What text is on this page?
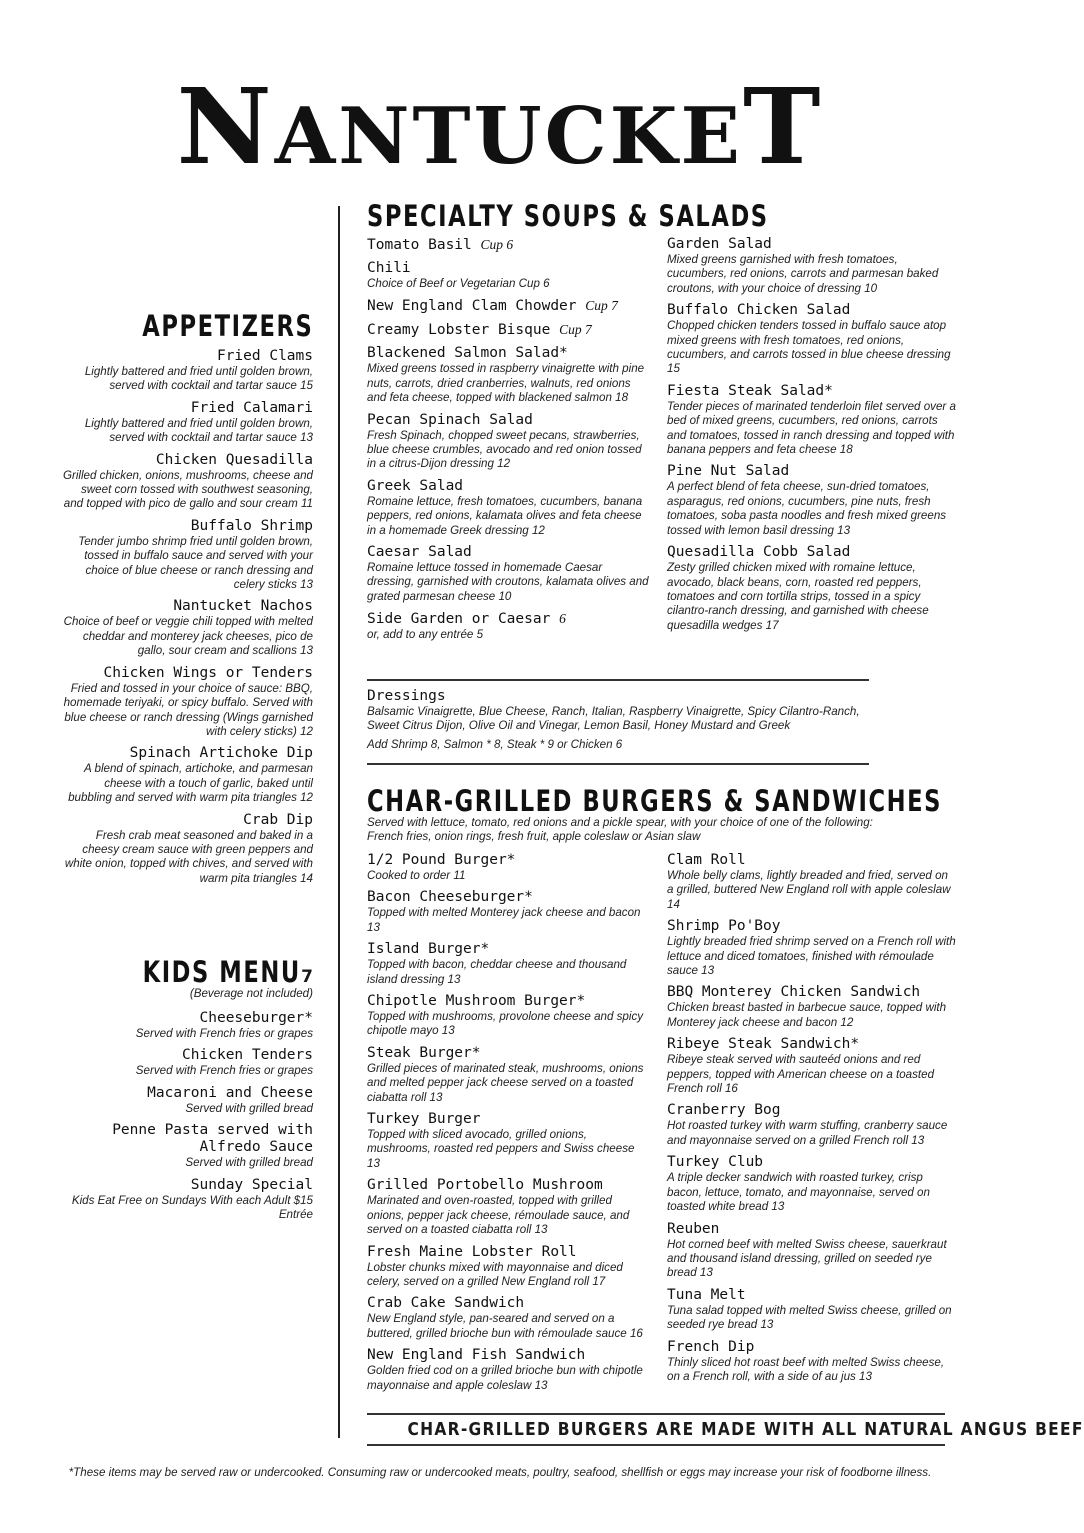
NANTUCKET
APPETIZERS
Fried Clams
Lightly battered and fried until golden brown, served with cocktail and tartar sauce 15
Fried Calamari
Lightly battered and fried until golden brown, served with cocktail and tartar sauce 13
Chicken Quesadilla
Grilled chicken, onions, mushrooms, cheese and sweet corn tossed with southwest seasoning, and topped with pico de gallo and sour cream 11
Buffalo Shrimp
Tender jumbo shrimp fried until golden brown, tossed in buffalo sauce and served with your choice of blue cheese or ranch dressing and celery sticks 13
Nantucket Nachos
Choice of beef or veggie chili topped with melted cheddar and monterey jack cheeses, pico de gallo, sour cream and scallions 13
Chicken Wings or Tenders
Fried and tossed in your choice of sauce: BBQ, homemade teriyaki, or spicy buffalo. Served with blue cheese or ranch dressing (Wings garnished with celery sticks) 12
Spinach Artichoke Dip
A blend of spinach, artichoke, and parmesan cheese with a touch of garlic, baked until bubbling and served with warm pita triangles 12
Crab Dip
Fresh crab meat seasoned and baked in a cheesy cream sauce with green peppers and white onion, topped with chives, and served with warm pita triangles 14
KIDS MENU7
(Beverage not included)
Cheeseburger*
Served with French fries or grapes
Chicken Tenders
Served with French fries or grapes
Macaroni and Cheese
Served with grilled bread
Penne Pasta served with Alfredo Sauce
Served with grilled bread
Sunday Special
Kids Eat Free on Sundays With each Adult $15 Entrée
SPECIALTY SOUPS & SALADS
Tomato Basil Cup 6
Chili
Choice of Beef or Vegetarian Cup 6
New England Clam Chowder Cup 7
Creamy Lobster Bisque Cup 7
Blackened Salmon Salad*
Mixed greens tossed in raspberry vinaigrette with pine nuts, carrots, dried cranberries, walnuts, red onions and feta cheese, topped with blackened salmon 18
Pecan Spinach Salad
Fresh Spinach, chopped sweet pecans, strawberries, blue cheese crumbles, avocado and red onion tossed in a citrus-Dijon dressing 12
Greek Salad
Romaine lettuce, fresh tomatoes, cucumbers, banana peppers, red onions, kalamata olives and feta cheese in a homemade Greek dressing 12
Caesar Salad
Romaine lettuce tossed in homemade Caesar dressing, garnished with croutons, kalamata olives and grated parmesan cheese 10
Side Garden or Caesar 6
or, add to any entrée 5
Garden Salad
Mixed greens garnished with fresh tomatoes, cucumbers, red onions, carrots and parmesan baked croutons, with your choice of dressing 10
Buffalo Chicken Salad
Chopped chicken tenders tossed in buffalo sauce atop mixed greens with fresh tomatoes, red onions, cucumbers, and carrots tossed in blue cheese dressing 15
Fiesta Steak Salad*
Tender pieces of marinated tenderloin filet served over a bed of mixed greens, cucumbers, red onions, carrots and tomatoes, tossed in ranch dressing and topped with banana peppers and feta cheese 18
Pine Nut Salad
A perfect blend of feta cheese, sun-dried tomatoes, asparagus, red onions, cucumbers, pine nuts, fresh tomatoes, soba pasta noodles and fresh mixed greens tossed with lemon basil dressing 13
Quesadilla Cobb Salad
Zesty grilled chicken mixed with romaine lettuce, avocado, black beans, corn, roasted red peppers, tomatoes and corn tortilla strips, tossed in a spicy cilantro-ranch dressing, and garnished with cheese quesadilla wedges 17
Dressings
Balsamic Vinaigrette, Blue Cheese, Ranch, Italian, Raspberry Vinaigrette, Spicy Cilantro-Ranch, Sweet Citrus Dijon, Olive Oil and Vinegar, Lemon Basil, Honey Mustard and Greek
Add Shrimp 8, Salmon * 8, Steak * 9 or Chicken 6
CHAR-GRILLED BURGERS & SANDWICHES
Served with lettuce, tomato, red onions and a pickle spear, with your choice of one of the following: French fries, onion rings, fresh fruit, apple coleslaw or Asian slaw
1/2 Pound Burger*
Cooked to order 11
Bacon Cheeseburger*
Topped with melted Monterey jack cheese and bacon 13
Island Burger*
Topped with bacon, cheddar cheese and thousand island dressing 13
Chipotle Mushroom Burger*
Topped with mushrooms, provolone cheese and spicy chipotle mayo 13
Steak Burger*
Grilled pieces of marinated steak, mushrooms, onions and melted pepper jack cheese served on a toasted ciabatta roll 13
Turkey Burger
Topped with sliced avocado, grilled onions, mushrooms, roasted red peppers and Swiss cheese 13
Grilled Portobello Mushroom
Marinated and oven-roasted, topped with grilled onions, pepper jack cheese, rémoulade sauce, and served on a toasted ciabatta roll 13
Fresh Maine Lobster Roll
Lobster chunks mixed with mayonnaise and diced celery, served on a grilled New England roll 17
Crab Cake Sandwich
New England style, pan-seared and served on a buttered, grilled brioche bun with rémoulade sauce 16
New England Fish Sandwich
Golden fried cod on a grilled brioche bun with chipotle mayonnaise and apple coleslaw 13
Clam Roll
Whole belly clams, lightly breaded and fried, served on a grilled, buttered New England roll with apple coleslaw 14
Shrimp Po'Boy
Lightly breaded fried shrimp served on a French roll with lettuce and diced tomatoes, finished with rémoulade sauce 13
BBQ Monterey Chicken Sandwich
Chicken breast basted in barbecue sauce, topped with Monterey jack cheese and bacon 12
Ribeye Steak Sandwich*
Ribeye steak served with sauteéd onions and red peppers, topped with American cheese on a toasted French roll 16
Cranberry Bog
Hot roasted turkey with warm stuffing, cranberry sauce and mayonnaise served on a grilled French roll 13
Turkey Club
A triple decker sandwich with roasted turkey, crisp bacon, lettuce, tomato, and mayonnaise, served on toasted white bread 13
Reuben
Hot corned beef with melted Swiss cheese, sauerkraut and thousand island dressing, grilled on seeded rye bread 13
Tuna Melt
Tuna salad topped with melted Swiss cheese, grilled on seeded rye bread 13
French Dip
Thinly sliced hot roast beef with melted Swiss cheese, on a French roll, with a side of au jus 13
CHAR-GRILLED BURGERS ARE MADE WITH ALL NATURAL ANGUS BEEF
*These items may be served raw or undercooked. Consuming raw or undercooked meats, poultry, seafood, shellfish or eggs may increase your risk of foodborne illness.
